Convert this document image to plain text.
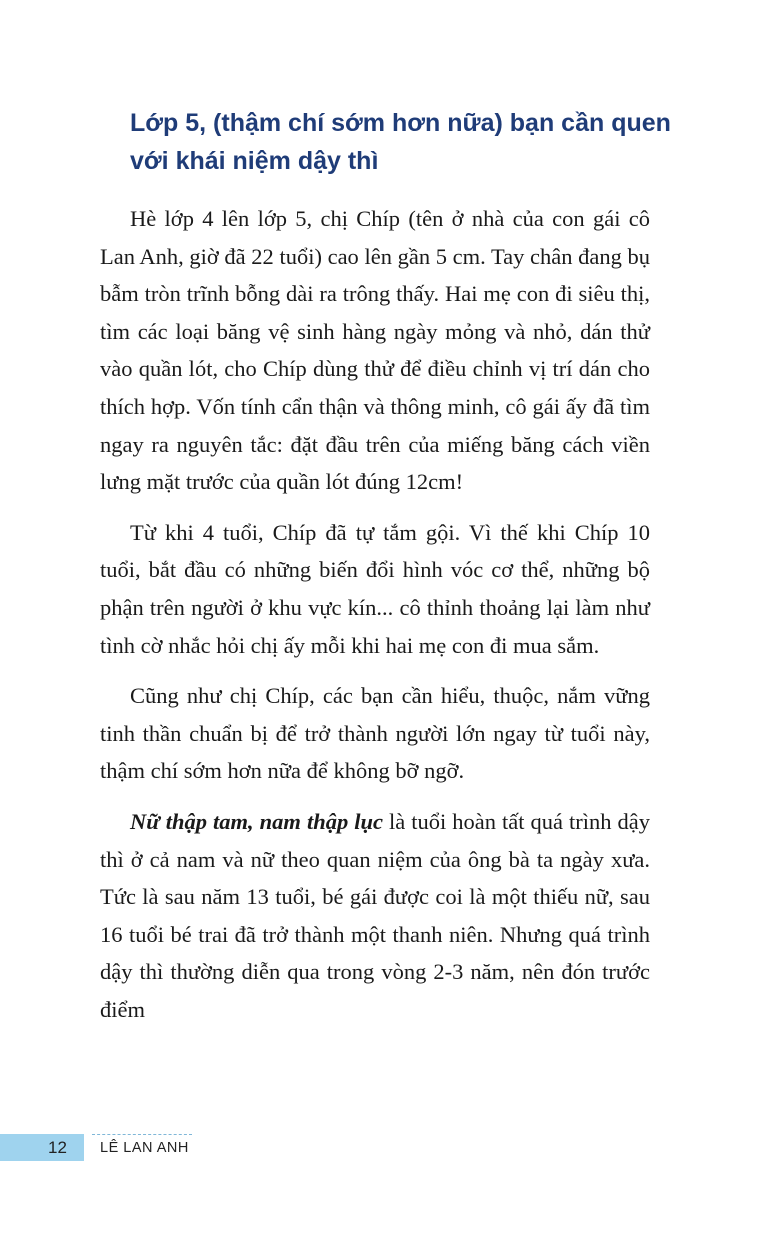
Lớp 5, (thậm chí sớm hơn nữa) bạn cần quen với khái niệm dậy thì

Hè lớp 4 lên lớp 5, chị Chíp (tên ở nhà của con gái cô Lan Anh, giờ đã 22 tuổi) cao lên gần 5 cm. Tay chân đang bụ bẫm tròn trĩnh bỗng dài ra trông thấy. Hai mẹ con đi siêu thị, tìm các loại băng vệ sinh hàng ngày mỏng và nhỏ, dán thử vào quần lót, cho Chíp dùng thử để điều chỉnh vị trí dán cho thích hợp. Vốn tính cẩn thận và thông minh, cô gái ấy đã tìm ngay ra nguyên tắc: đặt đầu trên của miếng băng cách viền lưng mặt trước của quần lót đúng 12cm!

Từ khi 4 tuổi, Chíp đã tự tắm gội. Vì thế khi Chíp 10 tuổi, bắt đầu có những biến đổi hình vóc cơ thể, những bộ phận trên người ở khu vực kín... cô thỉnh thoảng lại làm như tình cờ nhắc hỏi chị ấy mỗi khi hai mẹ con đi mua sắm.

Cũng như chị Chíp, các bạn cần hiểu, thuộc, nắm vững tinh thần chuẩn bị để trở thành người lớn ngay từ tuổi này, thậm chí sớm hơn nữa để không bỡ ngỡ.

Nữ thập tam, nam thập lục là tuổi hoàn tất quá trình dậy thì ở cả nam và nữ theo quan niệm của ông bà ta ngày xưa. Tức là sau năm 13 tuổi, bé gái được coi là một thiếu nữ, sau 16 tuổi bé trai đã trở thành một thanh niên. Nhưng quá trình dậy thì thường diễn qua trong vòng 2-3 năm, nên đón trước điểm

12	LÊ LAN ANH
